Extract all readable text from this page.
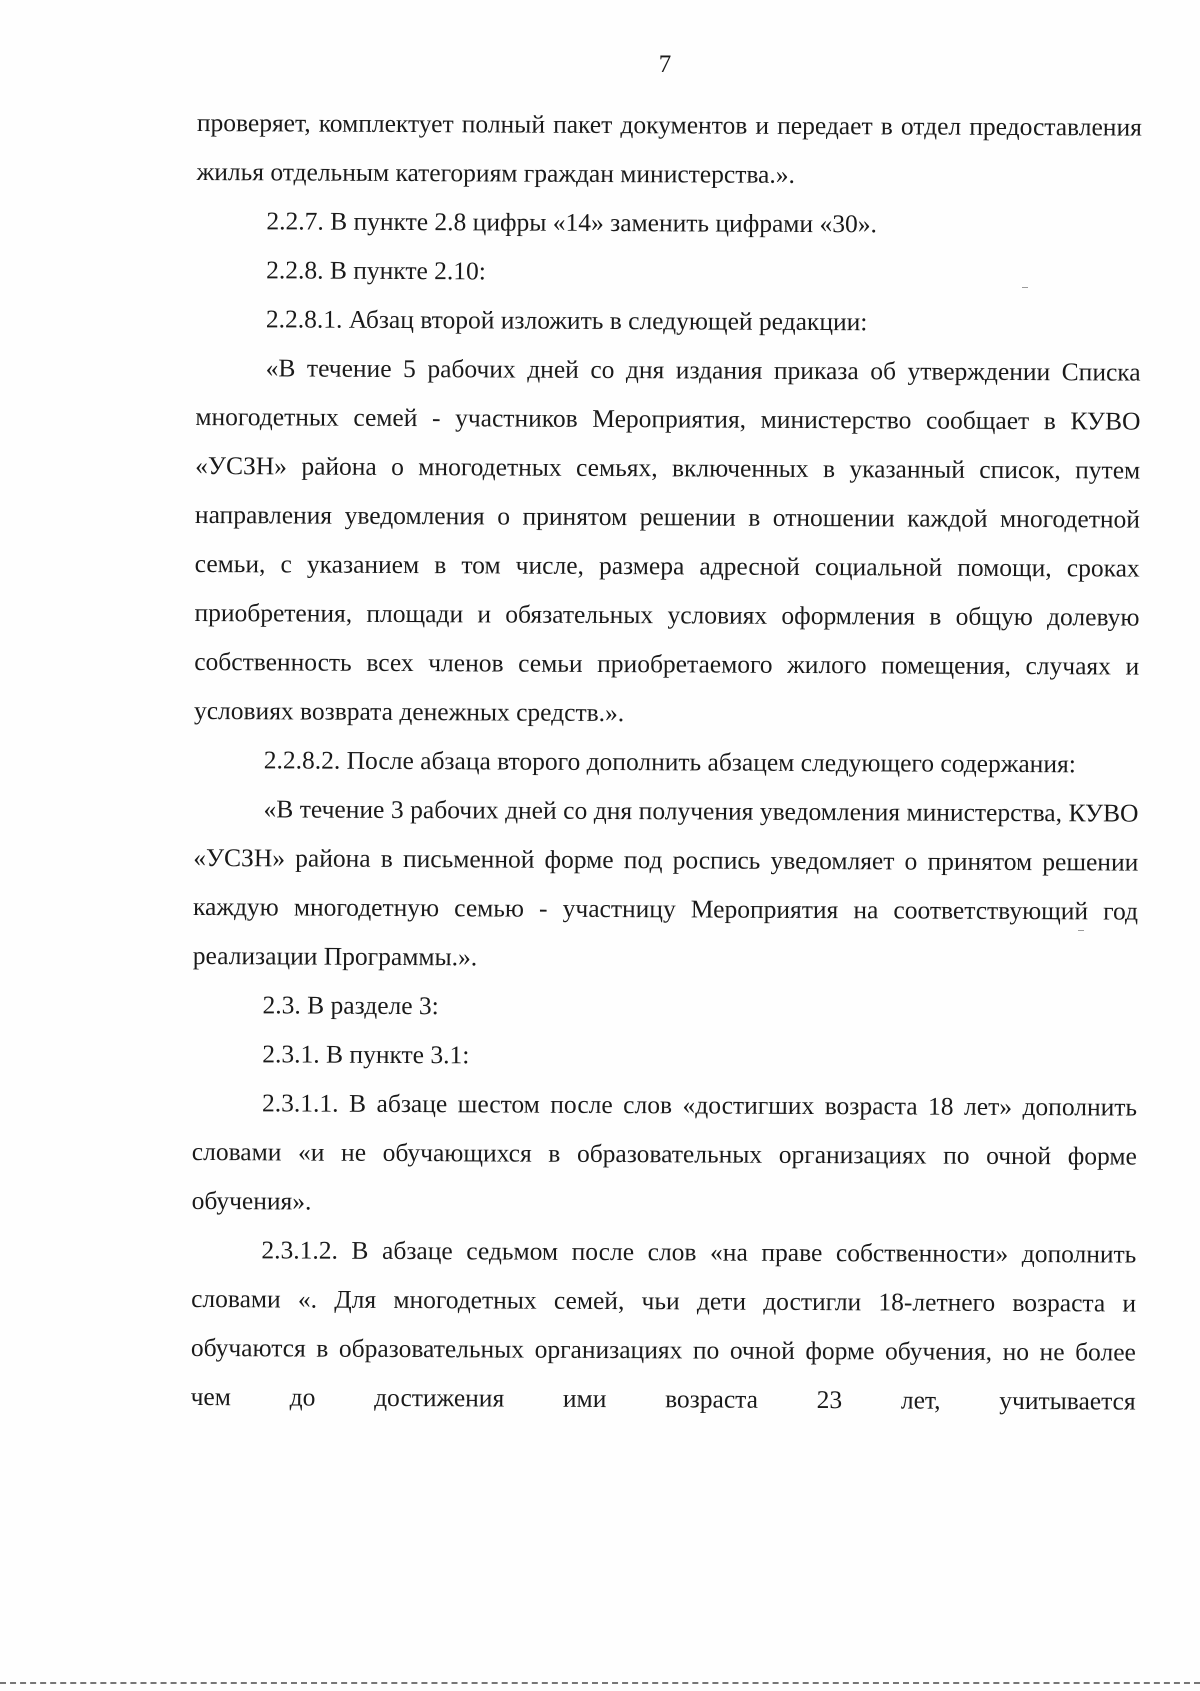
7

проверяет, комплектует полный пакет документов и передает в отдел предоставления жилья отдельным категориям граждан министерства.».

2.2.7. В пункте 2.8 цифры «14» заменить цифрами «30».

2.2.8. В пункте 2.10:

2.2.8.1. Абзац второй изложить в следующей редакции:

«В течение 5 рабочих дней со дня издания приказа об утверждении Списка многодетных семей - участников Мероприятия, министерство сообщает в КУВО «УСЗН» района о многодетных семьях, включенных в указанный список, путем направления уведомления о принятом решении в отношении каждой многодетной семьи, с указанием в том числе, размера адресной социальной помощи, сроках приобретения, площади и обязательных условиях оформления в общую долевую собственность всех членов семьи приобретаемого жилого помещения, случаях и условиях возврата денежных средств.».

2.2.8.2. После абзаца второго дополнить абзацем следующего содержания:

«В течение 3 рабочих дней со дня получения уведомления министерства, КУВО «УСЗН» района в письменной форме под роспись уведомляет о принятом решении каждую многодетную семью - участницу Мероприятия на соответствующий год реализации Программы.».

2.3. В разделе 3:

2.3.1. В пункте 3.1:

2.3.1.1. В абзаце шестом после слов «достигших возраста 18 лет» дополнить словами «и не обучающихся в образовательных организациях по очной форме обучения».

2.3.1.2. В абзаце седьмом после слов «на праве собственности» дополнить словами «. Для многодетных семей, чьи дети достигли 18-летнего возраста и обучаются в образовательных организациях по очной форме обучения, но не более чем до достижения ими возраста 23 лет, учитывается
